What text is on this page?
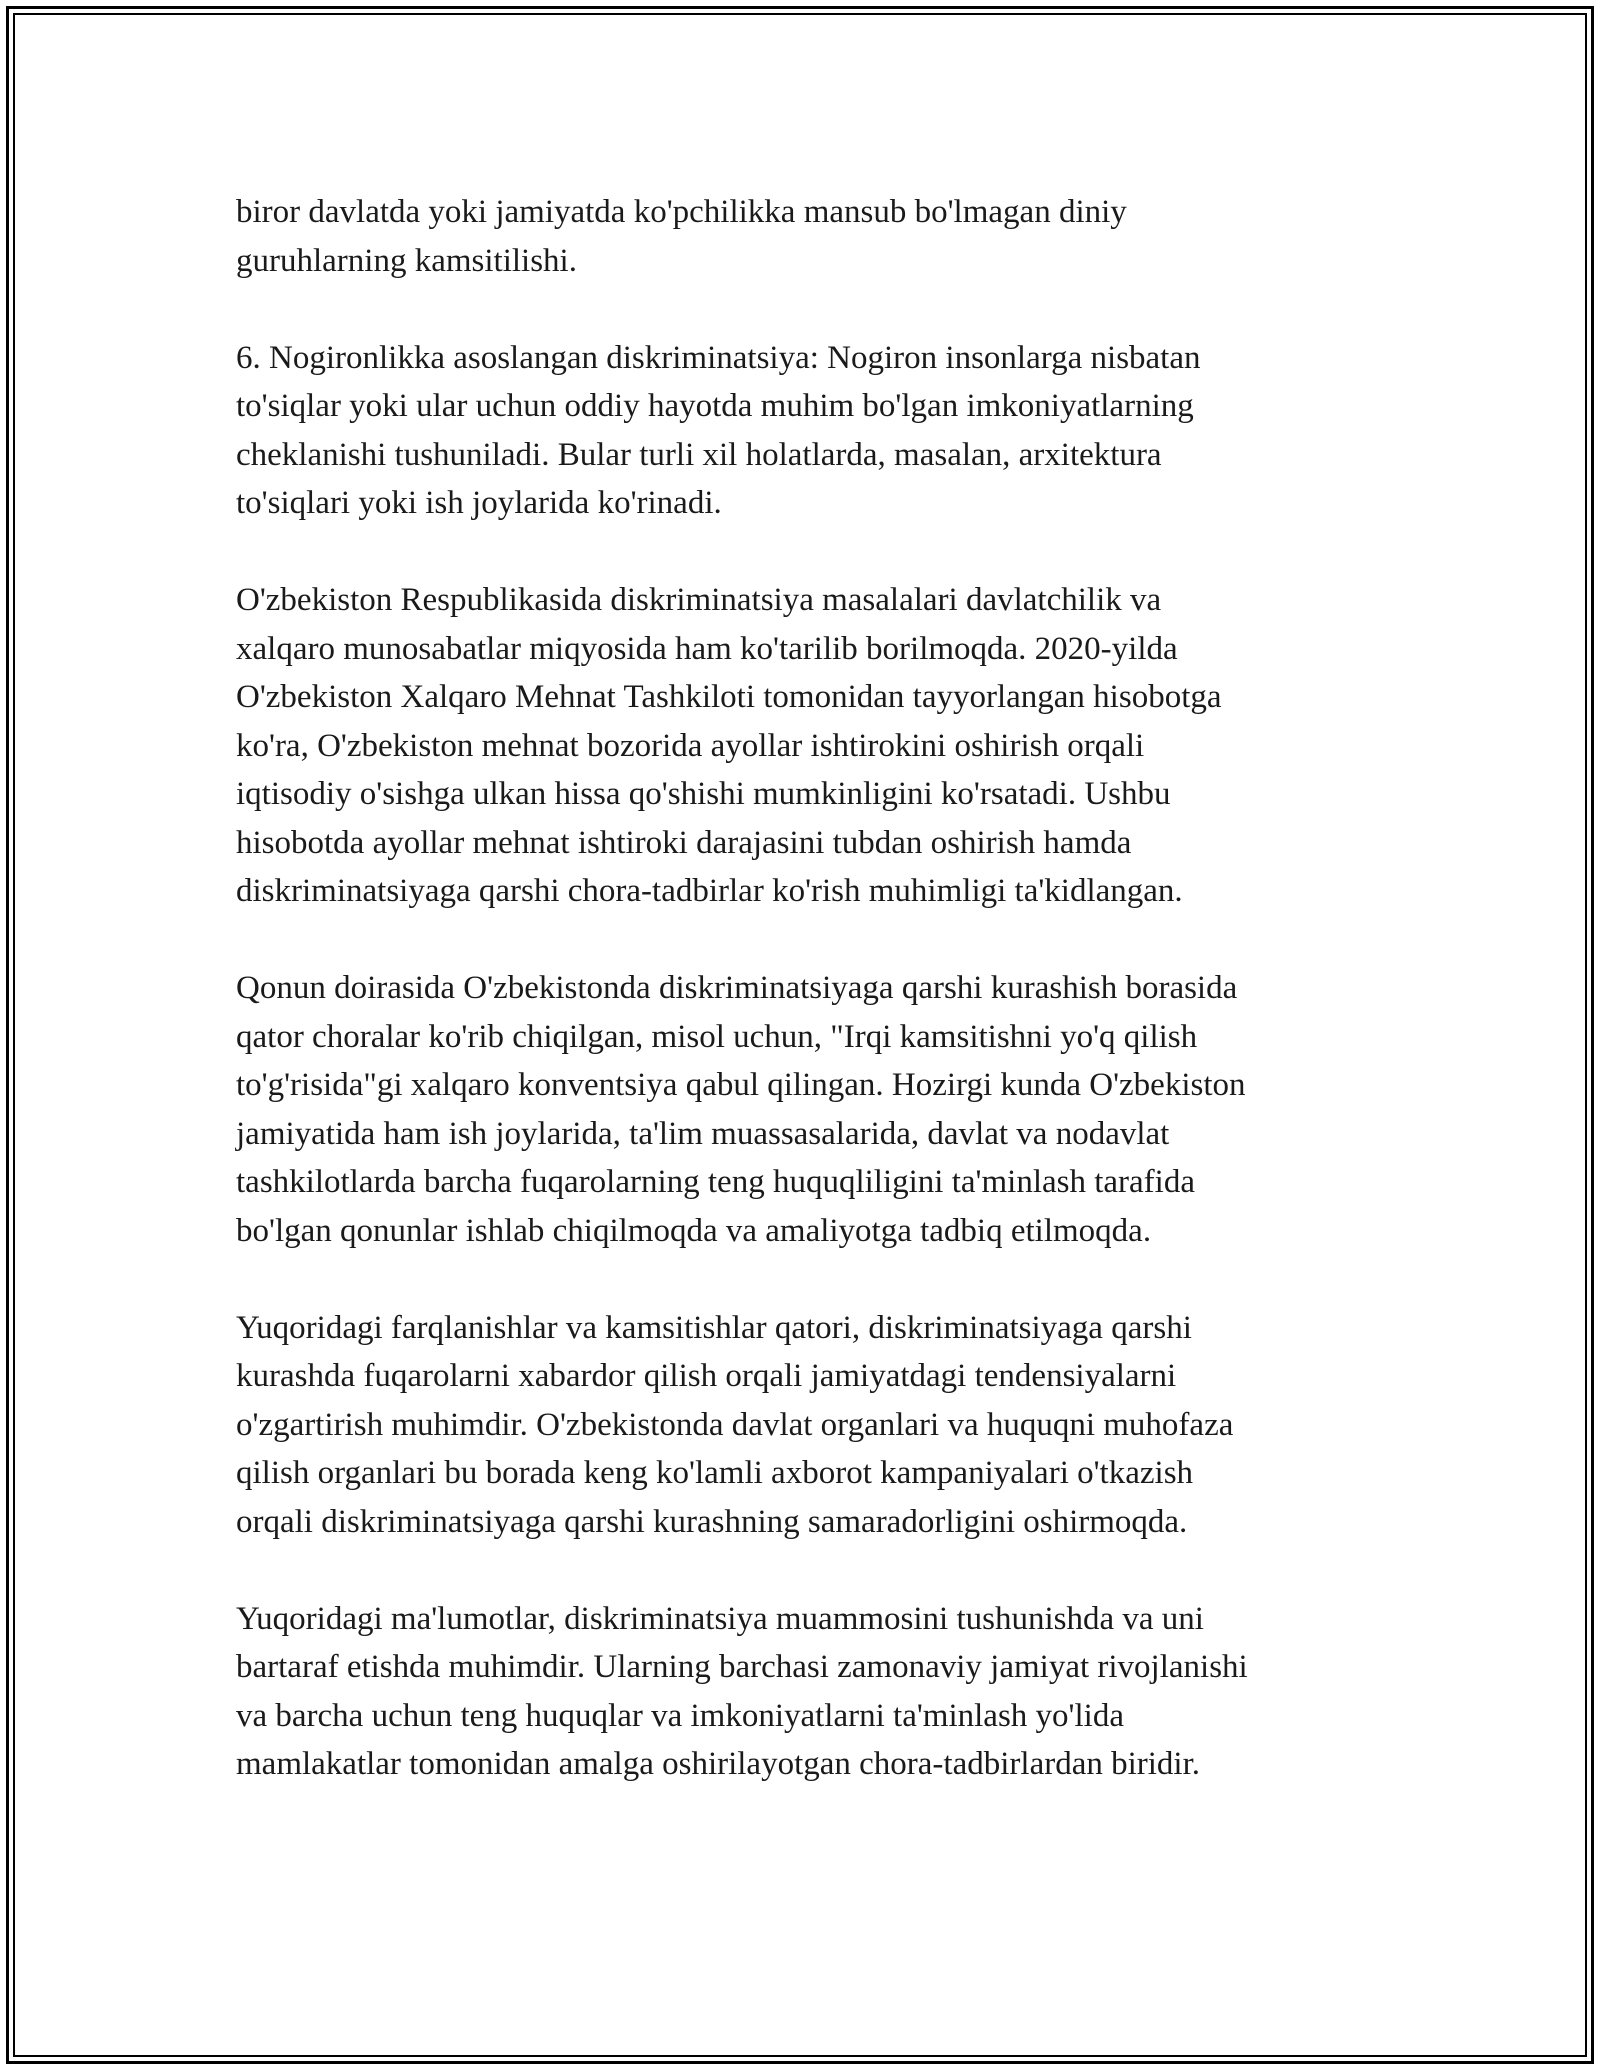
biror davlatda yoki jamiyatda ko'pchilikka mansub bo'lmagan diniy
guruhlarning kamsitilishi.

6. Nogironlikka asoslangan diskriminatsiya: Nogiron insonlarga nisbatan
to'siqlar yoki ular uchun oddiy hayotda muhim bo'lgan imkoniyatlarning
cheklanishi tushuniladi. Bular turli xil holatlarda, masalan, arxitektura
to'siqlari yoki ish joylarida ko'rinadi.

O'zbekiston Respublikasida diskriminatsiya masalalari davlatchilik va
xalqaro munosabatlar miqyosida ham ko'tarilib borilmoqda. 2020-yilda
O'zbekiston Xalqaro Mehnat Tashkiloti tomonidan tayyorlangan hisobotga
ko'ra, O'zbekiston mehnat bozorida ayollar ishtirokini oshirish orqali
iqtisodiy o'sishga ulkan hissa qo'shishi mumkinligini ko'rsatadi. Ushbu
hisobotda ayollar mehnat ishtiroki darajasini tubdan oshirish hamda
diskriminatsiyaga qarshi chora-tadbirlar ko'rish muhimligi ta'kidlangan.

Qonun doirasida O'zbekistonda diskriminatsiyaga qarshi kurashish borasida
qator choralar ko'rib chiqilgan, misol uchun, "Irqi kamsitishni yo'q qilish
to'g'risida"gi xalqaro konventsiya qabul qilingan. Hozirgi kunda O'zbekiston
jamiyatida ham ish joylarida, ta'lim muassasalarida, davlat va nodavlat
tashkilotlarda barcha fuqarolarning teng huquqliligini ta'minlash tarafida
bo'lgan qonunlar ishlab chiqilmoqda va amaliyotga tadbiq etilmoqda.

Yuqoridagi farqlanishlar va kamsitishlar qatori, diskriminatsiyaga qarshi
kurashda fuqarolarni xabardor qilish orqali jamiyatdagi tendensiyalarni
o'zgartirish muhimdir. O'zbekistonda davlat organlari va huquqni muhofaza
qilish organlari bu borada keng ko'lamli axborot kampaniyalari o'tkazish
orqali diskriminatsiyaga qarshi kurashning samaradorligini oshirmoqda.

Yuqoridagi ma'lumotlar, diskriminatsiya muammosini tushunishda va uni
bartaraf etishda muhimdir. Ularning barchasi zamonaviy jamiyat rivojlanishi
va barcha uchun teng huquqlar va imkoniyatlarni ta'minlash yo'lida
mamlakatlar tomonidan amalga oshirilayotgan chora-tadbirlardan biridir.
